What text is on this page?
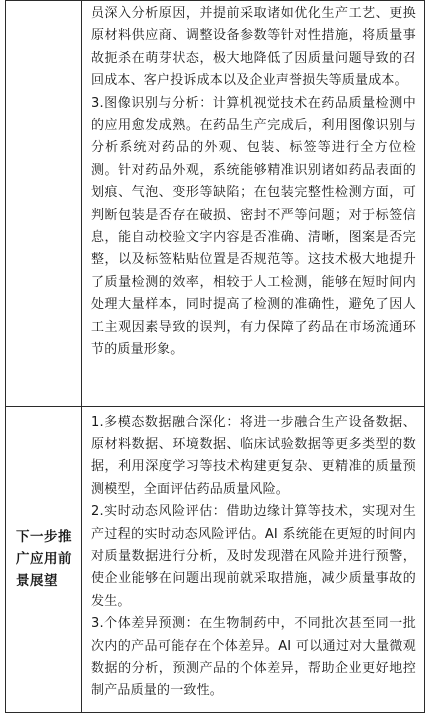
	员深入分析原因，并提前采取诸如优化生产工艺、更换原材料供应商、调整设备参数等针对性措施，将质量事故扼杀在萌芽状态，极大地降低了因质量问题导致的召回成本、客户投诉成本以及企业声誉损失等质量成本。

3.图像识别与分析：计算机视觉技术在药品质量检测中的应用愈发成熟。在药品生产完成后，利用图像识别与分析系统对药品的外观、包装、标签等进行全方位检测。针对药品外观，系统能够精准识别诸如药品表面的划痕、气泡、变形等缺陷；在包装完整性检测方面，可判断包装是否存在破损、密封不严等问题；对于标签信息，能自动校验文字内容是否准确、清晰，图案是否完整，以及标签粘贴位置是否规范等。这技术极大地提升了质量检测的效率，相较于人工检测，能够在短时间内处理大量样本，同时提高了检测的准确性，避免了因人工主观因素导致的误判，有力保障了药品在市场流通环节的质量形象。

下一步推广应用前景展望	1.多模态数据融合深化：将进一步融合生产设备数据、原材料数据、环境数据、临床试验数据等更多类型的数据，利用深度学习等技术构建更复杂、更精准的质量预测模型，全面评估药品质量风险。

2.实时动态风险评估：借助边缘计算等技术，实现对生产过程的实时动态风险评估。AI 系统能在更短的时间内对质量数据进行分析，及时发现潜在风险并进行预警，使企业能够在问题出现前就采取措施，减少质量事故的发生。

3.个体差异预测：在生物制药中，不同批次甚至同一批次内的产品可能存在个体差异。AI 可以通过对大量微观数据的分析，预测产品的个体差异，帮助企业更好地控制产品质量的一致性。
